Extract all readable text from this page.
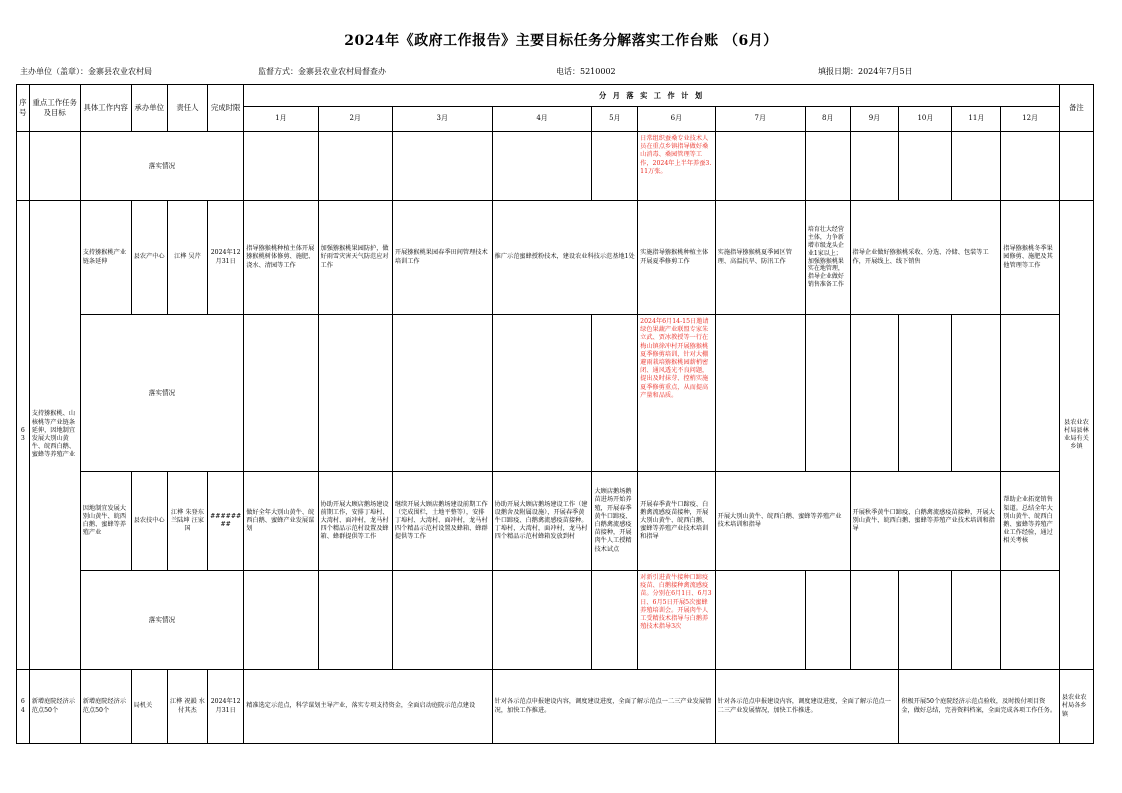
2024年《政府工作报告》主要目标任务分解落实工作台账 （6月）
主办单位（盖章）：金寨县农业农村局	监督方式：金寨县农业农村局督查办	电话：5210002	填报日期：2024年7月5日
序号	重点工作任务及目标	具体工作内容	承办单位	责任人	完成时限	分 月 落 实 工 作 计 划												备注
						1月	2月	3月	4月	5月	6月	7月	8月	9月	10月	11月	12月	
		落实情况									日常组织蚕桑专业技术人员在重点乡镇指导做好桑山消毒、桑园管理等工作，2024年上半年养蚕3.11万张。							
63	支持猕猴桃、山核桃等产业链条延伸，因地制宜发展大别山黄牛、皖西白鹅、蜜蜂等养殖产业	支持猕猴桃产业链条延伸	县农产中心	江桦 吴芹	2024年12月31日	指导猕猴桃种植主体开展猕猴桃树体修剪、施肥、浇水、清园等工作	加强猕猴桃果园防护，做好雨雪灾害天气防范应对工作	开展猕猴桃果园春季田间管理技术培训工作	推广示范蜜蜂授粉技术，建设农业科技示范基地1处		实施指导猕猴桃种植主体开展夏季修剪工作	实施指导猕猴桃夏季园区管理、高温抗旱、防汛工作	培育壮大经营主体，力争新增市级龙头企业1家以上；加强猕猴桃果实在地管理，指导企业做好销售准备工作	指导企业做好猕猴桃采收、分选、冷储、包装等工作，开展线上、线下销售			指导猕猴桃冬季果园修剪、施肥及其他管理等工作	县农业农村局县林业局有关乡镇
		落实情况									2024年6月14-15日邀请绿色果蔬产业联盟专家朱立武、贾冰教授等一行在梅山镇徐冲村开展猕猴桃夏季修剪培训，针对大棚避雨栽培猕猴桃园薪梢密闭、通风透光不良问题，提出及时抹芽、控梢实施夏季修剪重点，从而提高产量和品质。							
		因地制宜发展大别山黄牛、皖西白鹅、蜜蜂等养殖产业	县农技中心	江桦 朱登东 兰陆坤 汪家国	########	做好全年大别山黄牛、皖西白鹅、蜜蜂产业发展谋划	协助开展大顾店鹅场建设前期工作，安排丁埠村、大湾村、面冲村，龙马村四个精品示范村设置及蜂箱、蜂群提供等工作	继续开展大顾店鹅场建设前期工作（完成围栏，土地平整等），安排丁埠村、大湾村、面冲村，龙马村四个精品示范村设置及蜂箱、蜂群提供等工作	协助开展大顾店鹅场建设工作（建设鹅舍及附属设施），开展春季黄牛口蹄疫、白鹅禽流感疫苗接种。丁埠村，大湾村，面冲村，龙马村四个精品示范村蜂箱发放到村	大顾店鹅场鹅苗进场开始养殖，开展春季黄牛口蹄疫、白鹅禽流感疫苗接种，开展肉牛人工授精技术试点	开展春季黄牛口蹄疫、白鹅禽流感疫苗接种，开展大别山黄牛、皖西白鹅、蜜蜂等养殖产业技术培训和指导	开展大别山黄牛、皖西白鹅、蜜蜂等养殖产业技术培训和指导		开展秋季黄牛口蹄疫、白鹅禽流感疫苗接种，开展大别山黄牛、皖西白鹅、蜜蜂等养殖产业技术培训和指导			帮助企业拓宽销售渠道。总结全年大别山黄牛、皖西白鹅、蜜蜂等养殖产业工作经验，通过相关考核	
		落实情况									对新引进黄牛接种口蹄疫疫苗、白鹅接种禽流感疫苗。分别在6月1日、6月3日、6月5日开展5次蜜蜂养殖培训会。开展肉牛人工受精技术指导与白鹅养殖技术指导3次							
64	新增庭院经济示范点50个	新增庭院经济示范点50个	局机关	江桦 祝韻 水付其杰	2024年12月31日	精准选定示范点，科学谋划主导产业，落实专项支持资金，全面启动庭院示范点建设			针对各示范点申报建设内容，调度建设进度，全面了解示范点一二三产业发展情况，加快工作推进。			针对各示范点申报建设内容，调度建设进度，全面了解示范点一二三产业发展情况，加快工作推进。			积极开展50个庭院经济示范点验收，及时拨付项目资金，做好总结，完善资料档案，全面完成各项工作任务。			县农业农村局各乡镇
